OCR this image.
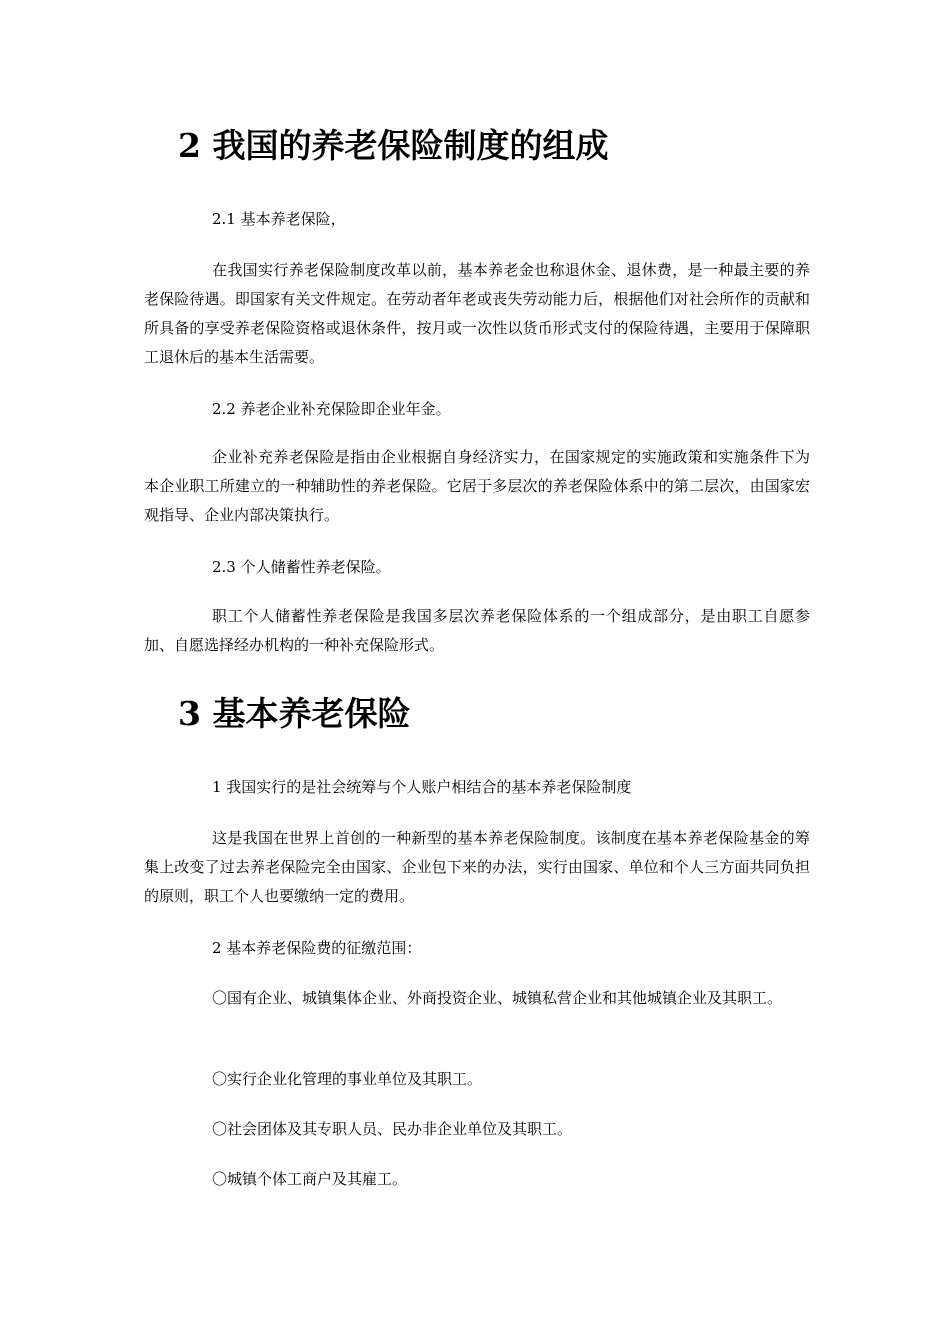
2 我国的养老保险制度的组成

2.1 基本养老保险，

在我国实行养老保险制度改革以前，基本养老金也称退休金、退休费，是一种最主要的养老保险待遇。即国家有关文件规定。在劳动者年老或丧失劳动能力后，根据他们对社会所作的贡献和所具备的享受养老保险资格或退休条件，按月或一次性以货币形式支付的保险待遇，主要用于保障职工退休后的基本生活需要。

2.2 养老企业补充保险即企业年金。

企业补充养老保险是指由企业根据自身经济实力，在国家规定的实施政策和实施条件下为本企业职工所建立的一种辅助性的养老保险。它居于多层次的养老保险体系中的第二层次，由国家宏观指导、企业内部决策执行。

2.3 个人储蓄性养老保险。

职工个人储蓄性养老保险是我国多层次养老保险体系的一个组成部分，是由职工自愿参加、自愿选择经办机构的一种补充保险形式。

3 基本养老保险

1 我国实行的是社会统筹与个人账户相结合的基本养老保险制度

这是我国在世界上首创的一种新型的基本养老保险制度。该制度在基本养老保险基金的筹集上改变了过去养老保险完全由国家、企业包下来的办法，实行由国家、单位和个人三方面共同负担的原则，职工个人也要缴纳一定的费用。

2 基本养老保险费的征缴范围：

〇国有企业、城镇集体企业、外商投资企业、城镇私营企业和其他城镇企业及其职工。

〇实行企业化管理的事业单位及其职工。

〇社会团体及其专职人员、民办非企业单位及其职工。

〇城镇个体工商户及其雇工。
